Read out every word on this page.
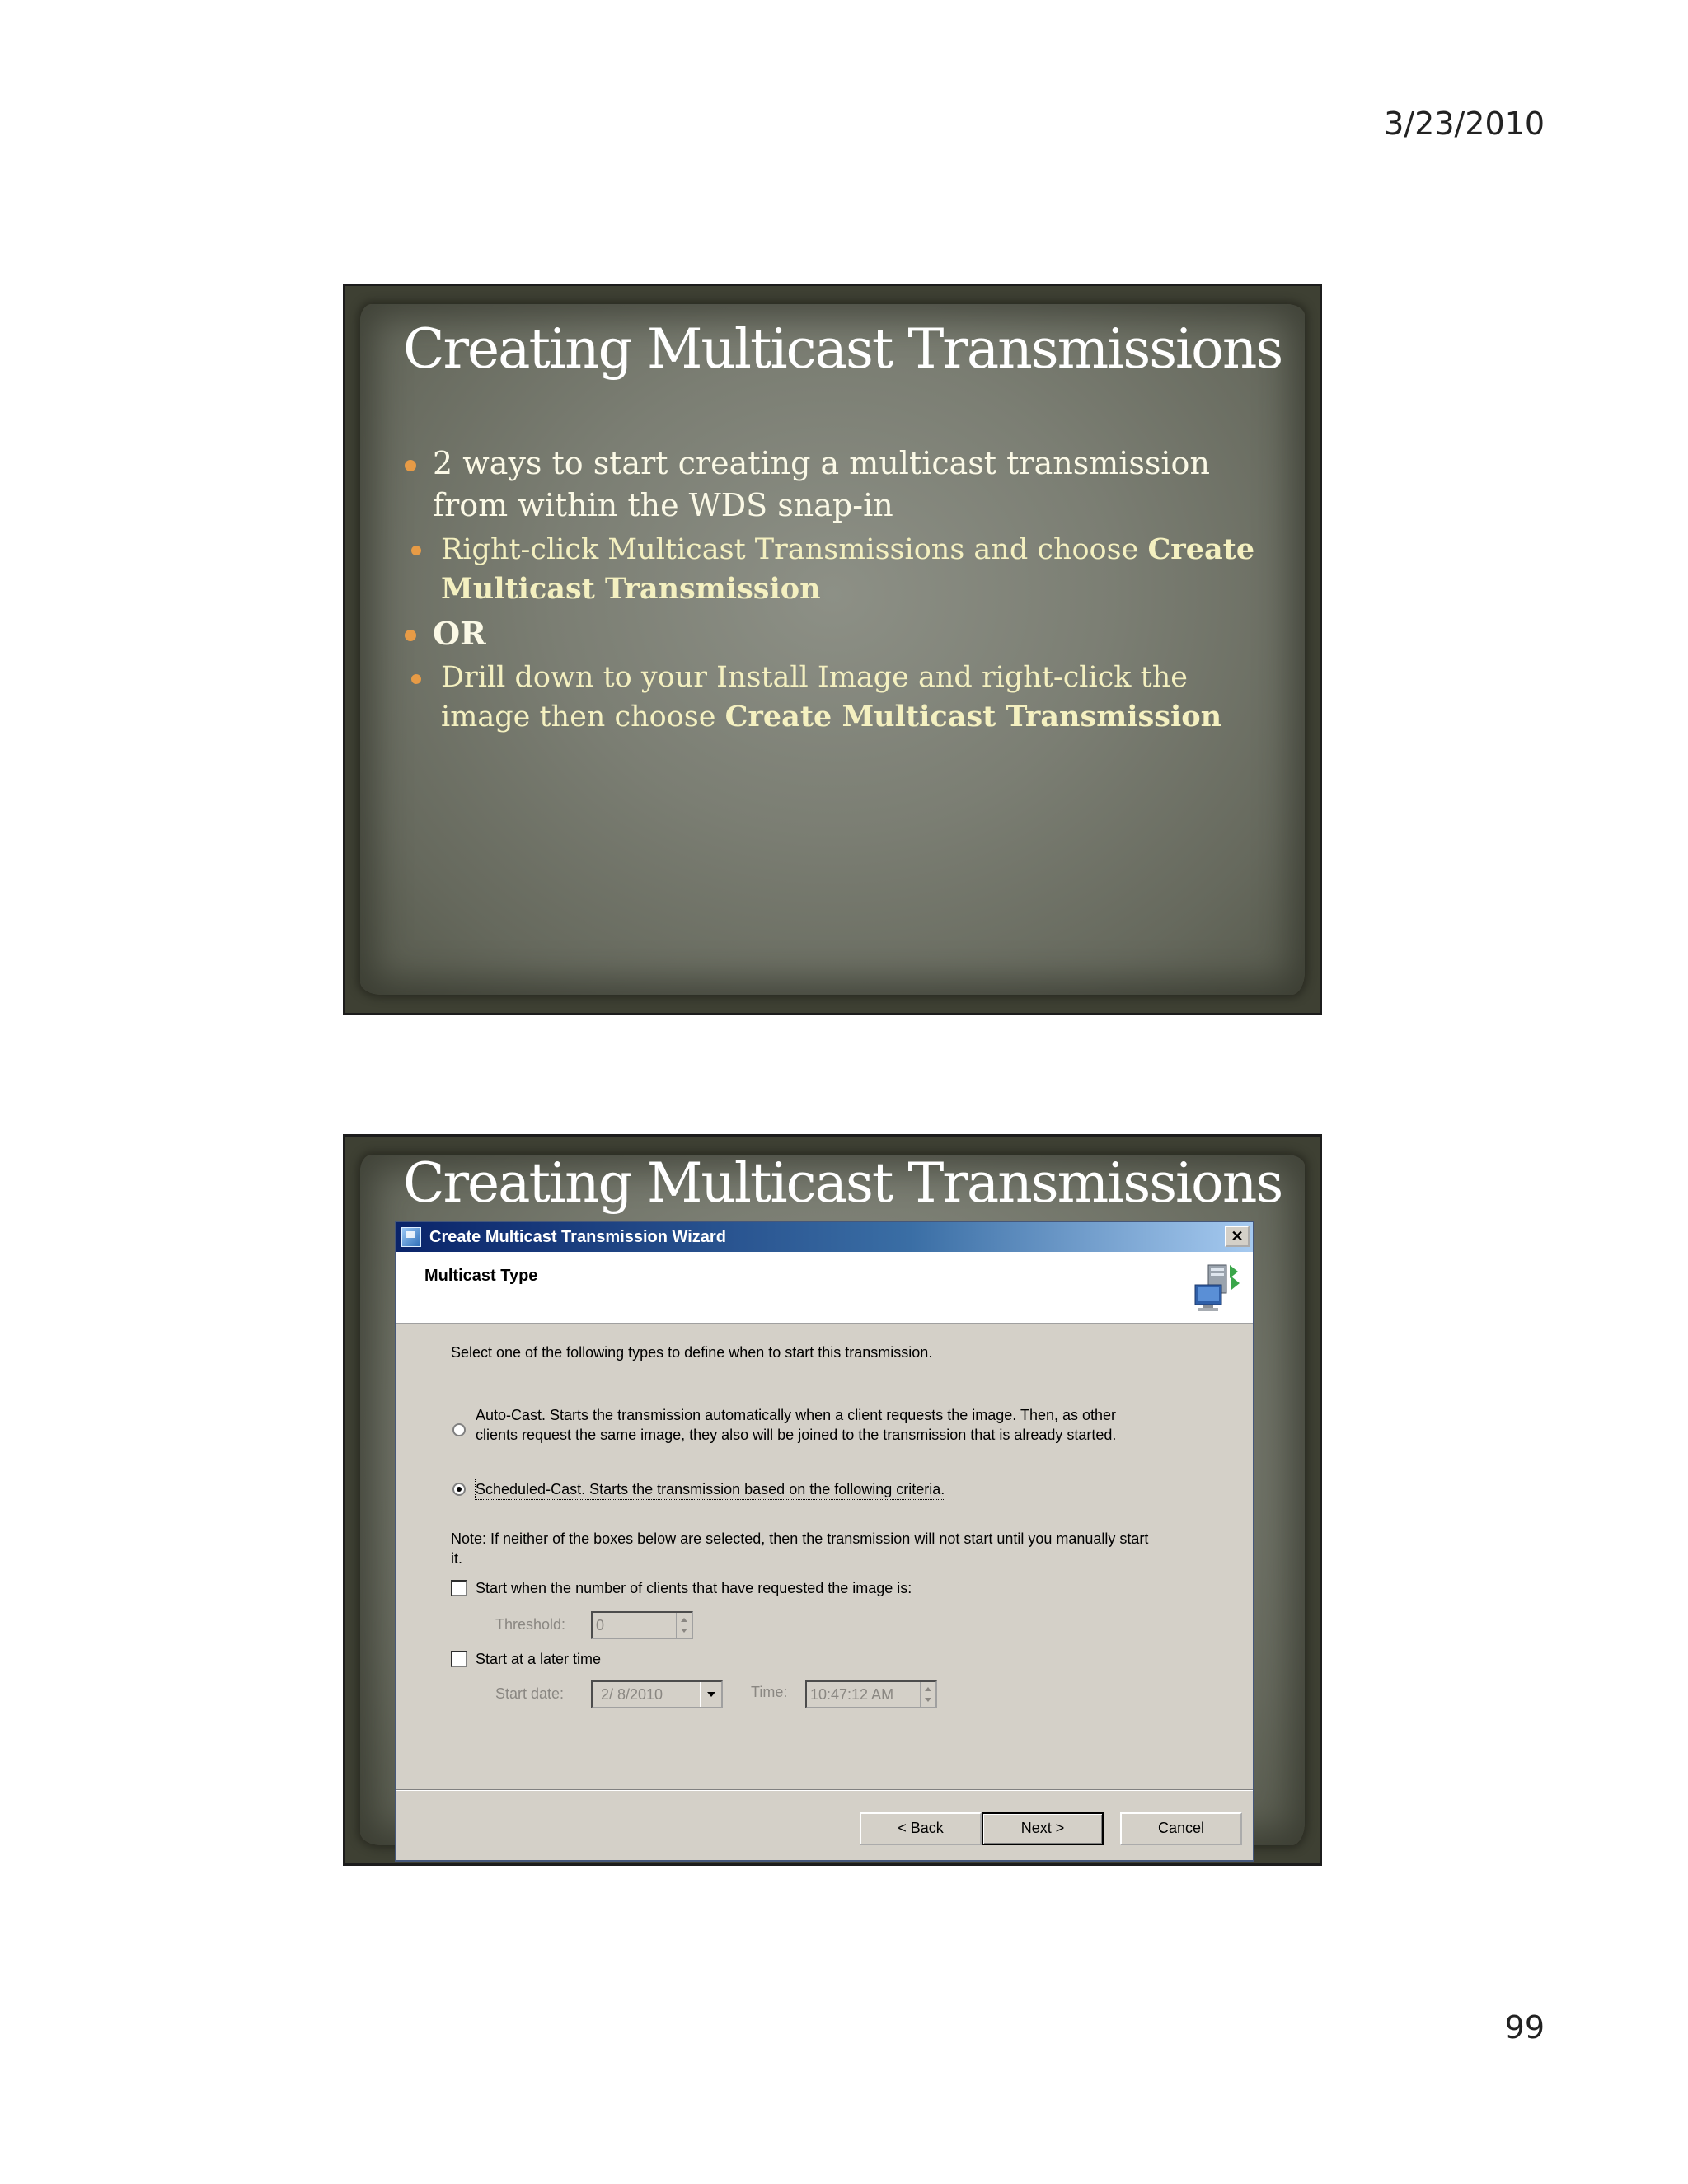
3/23/2010
Creating Multicast Transmissions
2 ways to start creating a multicast transmission from within the WDS snap-in
Right-click Multicast Transmissions and choose Create Multicast Transmission
OR
Drill down to your Install Image and right-click the image then choose Create Multicast Transmission
Creating Multicast Transmissions
Create Multicast Transmission Wizard	✕
Multicast Type
Select one of the following types to define when to start this transmission.
Auto-Cast. Starts the transmission automatically when a client requests the image. Then, as other
clients request the same image, they also will be joined to the transmission that is already started.
Scheduled-Cast. Starts the transmission based on the following criteria.
Note: If neither of the boxes below are selected, then the transmission will not start until you manually start
it.
Start when the number of clients that have requested the image is:
Threshold:	0
Start at a later time
Start date:	2/ 8/2010	Time:	10:47:12 AM
< Back	Next >	Cancel
99
